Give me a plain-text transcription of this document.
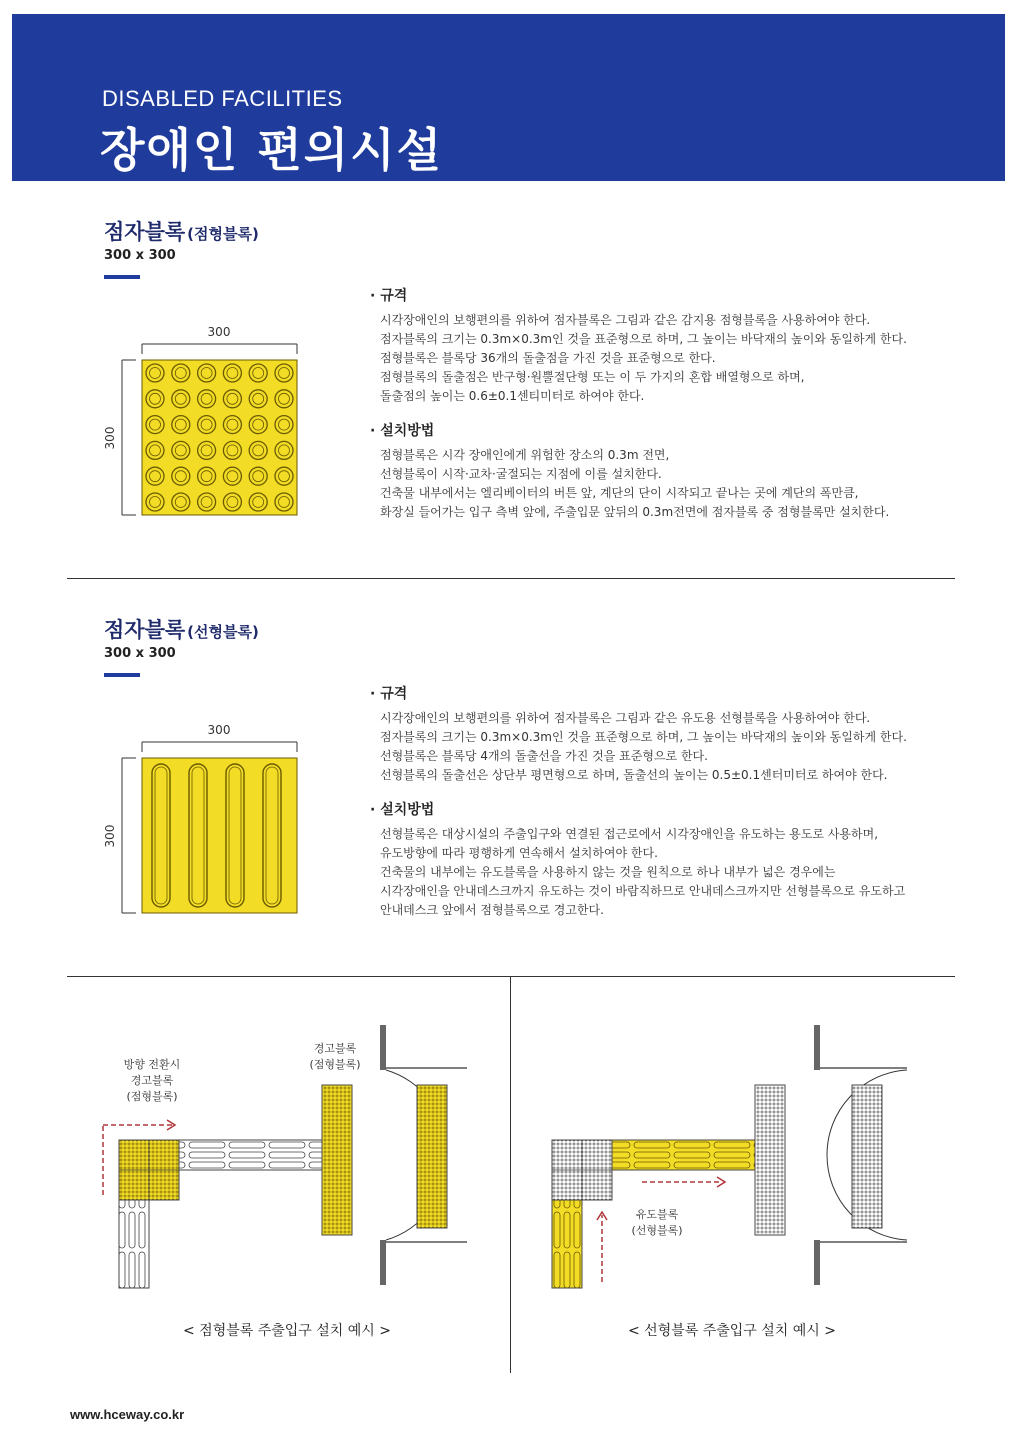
DISABLED FACILITIES
장애인 편의시설
점자블록 (점형블록)
300 x 300
300
300
· 규격

시각장애인의 보행편의를 위하여 점자블록은 그림과 같은 감지용 점형블록을 사용하여야 한다.

점자블록의 크기는 0.3m×0.3m인 것을 표준형으로 하며, 그 높이는 바닥재의 높이와 동일하게 한다.

점형블록은 블록당 36개의 돌출점을 가진 것을 표준형으로 한다.

점형블록의 돌출점은 반구형·원뿔절단형 또는 이 두 가지의 혼합 배열형으로 하며,

돌출점의 높이는 0.6±0.1센티미터로 하여야 한다.

· 설치방법

점형블록은 시각 장애인에게 위험한 장소의 0.3m 전면,

선형블록이 시작·교차·굴절되는 지점에 이를 설치한다.

건축물 내부에서는 엘리베이터의 버튼 앞, 계단의 단이 시작되고 끝나는 곳에 계단의 폭만큼,

화장실 들어가는 입구 측벽 앞에, 주출입문 앞뒤의 0.3m전면에 점자블록 중 점형블록만 설치한다.

점자블록 (선형블록)
300 x 300
300
300
· 규격

시각장애인의 보행편의를 위하여 점자블록은 그림과 같은 유도용 선형블록을 사용하여야 한다.

점자블록의 크기는 0.3m×0.3m인 것을 표준형으로 하며, 그 높이는 바닥재의 높이와 동일하게 한다.

선형블록은 블록당 4개의 돌출선을 가진 것을 표준형으로 한다.

선형블록의 돌출선은 상단부 평면형으로 하며, 돌출선의 높이는 0.5±0.1센터미터로 하여야 한다.

· 설치방법

선형블록은 대상시설의 주출입구와 연결된 접근로에서 시각장애인을 유도하는 용도로 사용하며,

유도방향에 따라 평행하게 연속해서 설치하여야 한다.

건축물의 내부에는 유도블록을 사용하지 않는 것을 원칙으로 하나 내부가 넓은 경우에는

시각장애인을 안내데스크까지 유도하는 것이 바람직하므로 안내데스크까지만 선형블록으로 유도하고

안내데스크 앞에서 점형블록으로 경고한다.

방향 전환시
경고블록
(점형블록)
경고블록
(점형블록)
< 점형블록 주출입구 설치 예시 >
유도블록
(선형블록)
< 선형블록 주출입구 설치 예시 >
www.hceway.co.kr
